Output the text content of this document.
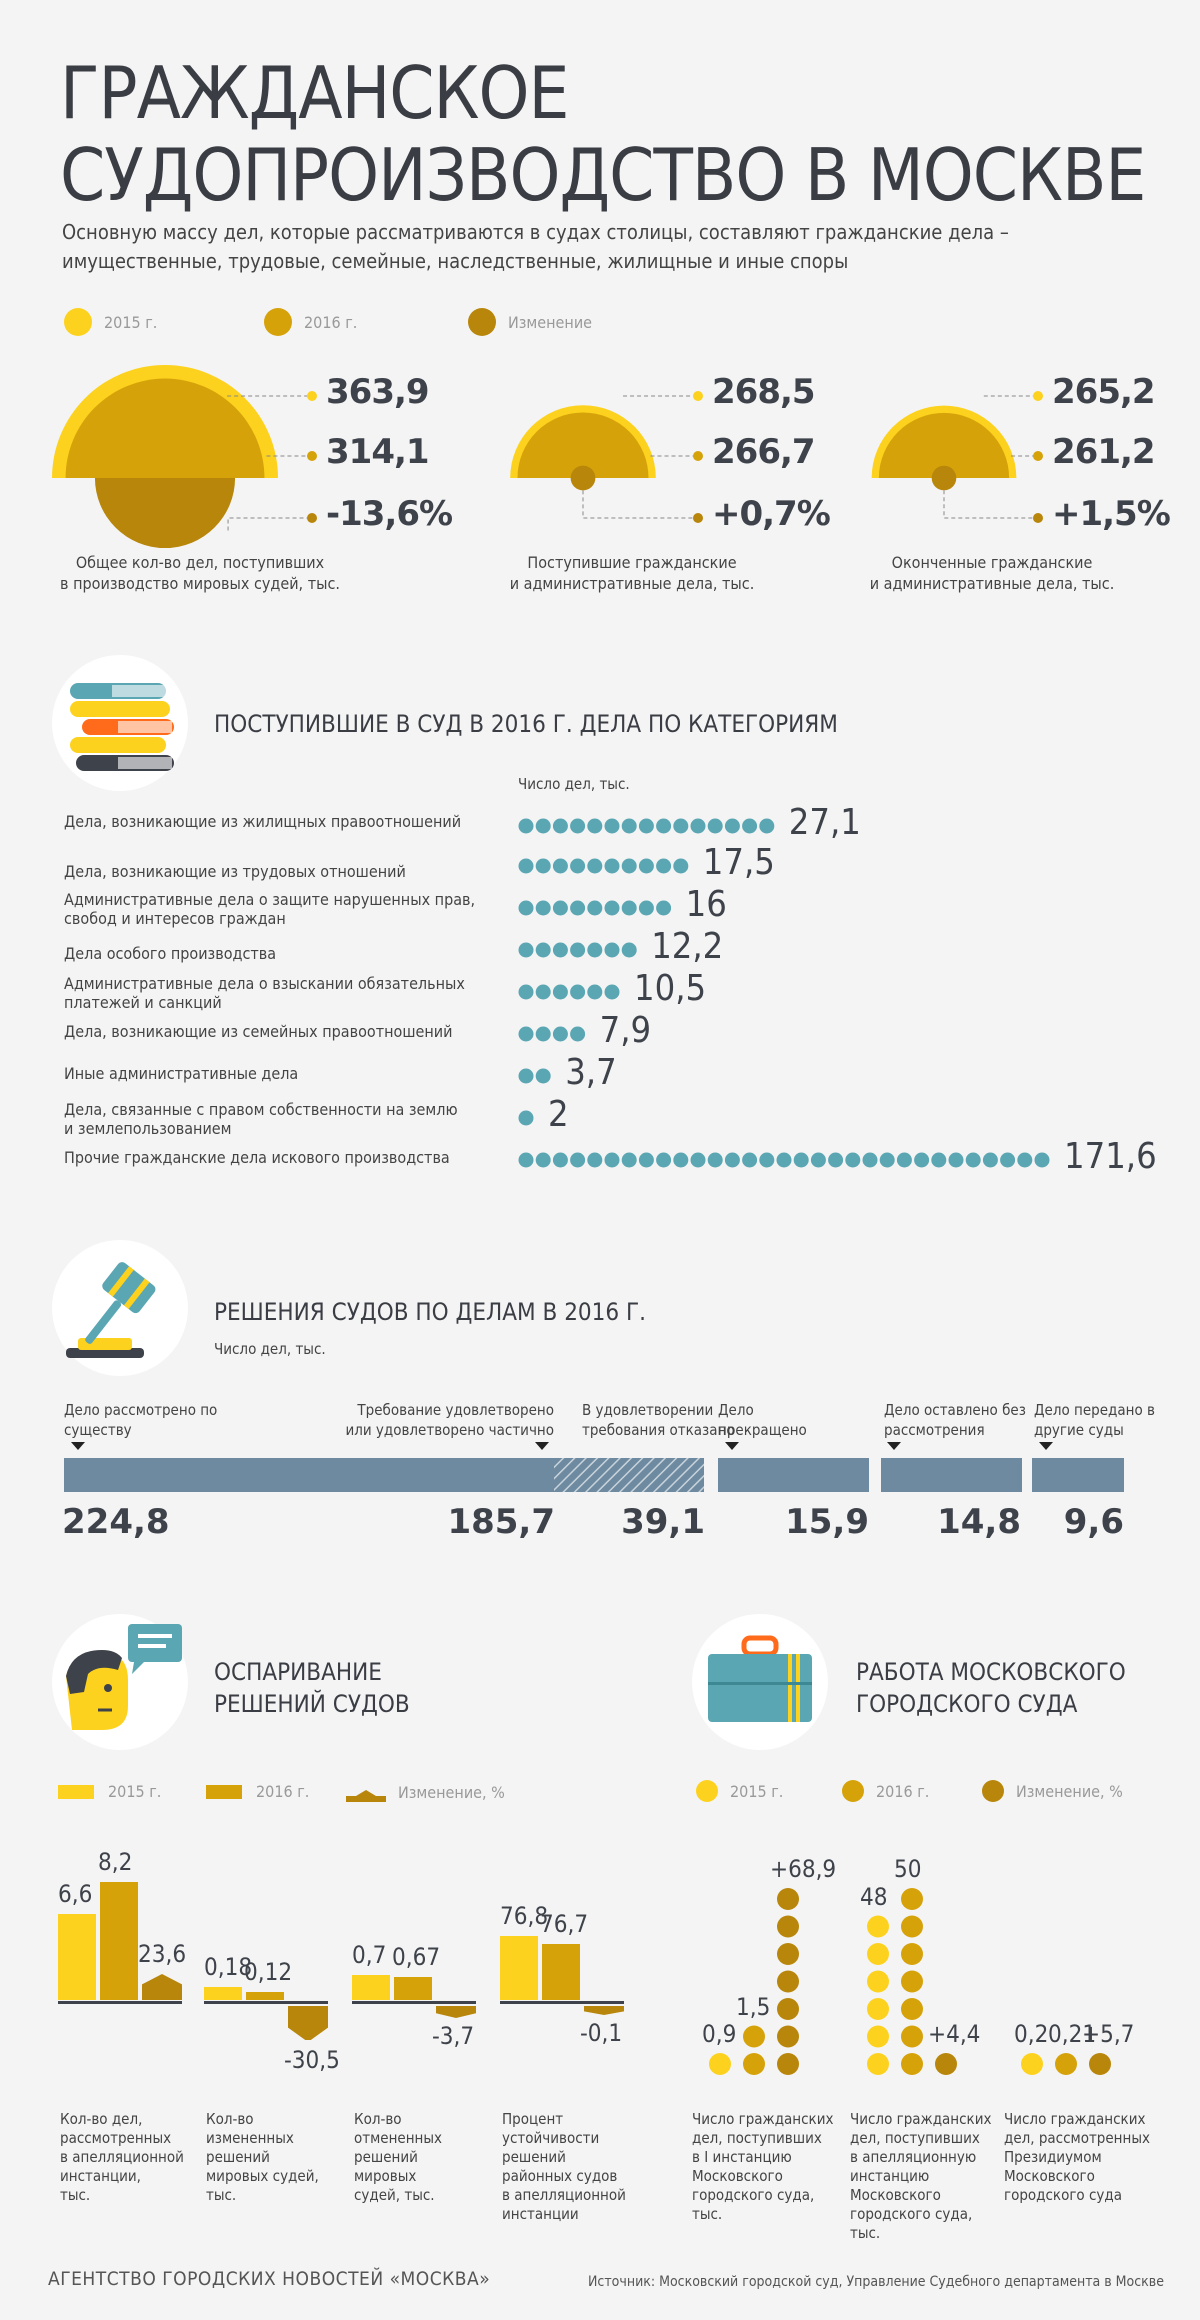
ГРАЖДАНСКОЕ
СУДОПРОИЗВОДСТВО В МОСКВЕ
Основную массу дел, которые рассматриваются в судах столицы, составляют гражданские дела –
имущественные, трудовые, семейные, наследственные, жилищные и иные споры
2015 г.	2016 г.	Изменение
363,9
314,1
-13,6%
Общее кол-во дел, поступивших
в производство мировых судей, тыс.
268,5
266,7
+0,7%
Поступившие гражданские
и административные дела, тыс.
265,2
261,2
+1,5%
Оконченные гражданские
и административные дела, тыс.
ПОСТУПИВШИЕ В СУД В 2016 Г. ДЕЛА ПО КАТЕГОРИЯМ
Число дел, тыс.
Дела, возникающие из жилищных правоотношений	27,1
Дела, возникающие из трудовых отношений	17,5
Административные дела о защите нарушенных прав,
свобод и интересов граждан	16
Дела особого производства	12,2
Административные дела о взыскании обязательных
платежей и санкций	10,5
Дела, возникающие из семейных правоотношений	7,9
Иные административные дела	3,7
Дела, связанные с правом собственности на землю
и землепользованием	2
Прочие гражданские дела искового производства	171,6
РЕШЕНИЯ СУДОВ ПО ДЕЛАМ В 2016 Г.
Число дел, тыс.
Дело рассмотрено по
существу
224,8
Требование удовлетворено
или удовлетворено частично
185,7
В удовлетворении
требования отказано
39,1
Дело
прекращено
15,9
Дело оставлено без
рассмотрения
14,8
Дело передано в
другие суды
9,6
ОСПАРИВАНИЕ
РЕШЕНИЙ СУДОВ
2015 г.	2016 г.	Изменение, %
6,6
8,2
23,6
Кол-во дел,
рассмотренных
в апелляционной
инстанции,
тыс.
0,18
0,12
-30,5
Кол-во
измененных
решений
мировых судей,
тыс.
0,7 0,67
-3,7
Кол-во
отмененных
решений
мировых
судей, тыс.
76,8
76,7
-0,1
Процент
устойчивости
решений
районных судов
в апелляционной
инстанции
РАБОТА МОСКОВСКОГО
ГОРОДСКОГО СУДА
2015 г.	2016 г.	Изменение, %
0,9
1,5
+68,9
Число гражданских
дел, поступивших
в I инстанцию
Московского
городского суда,
тыс.
48
50
+4,4
Число гражданских
дел, поступивших
в апелляционную
инстанцию
Московского
городского суда,
тыс.
0,2 0,21
+5,7
Число гражданских
дел, рассмотренных
Президиумом
Московского
городского суда
АГЕНТСТВО ГОРОДСКИХ НОВОСТЕЙ «МОСКВА»	Источник: Московский городской суд, Управление Судебного департамента в Москве
